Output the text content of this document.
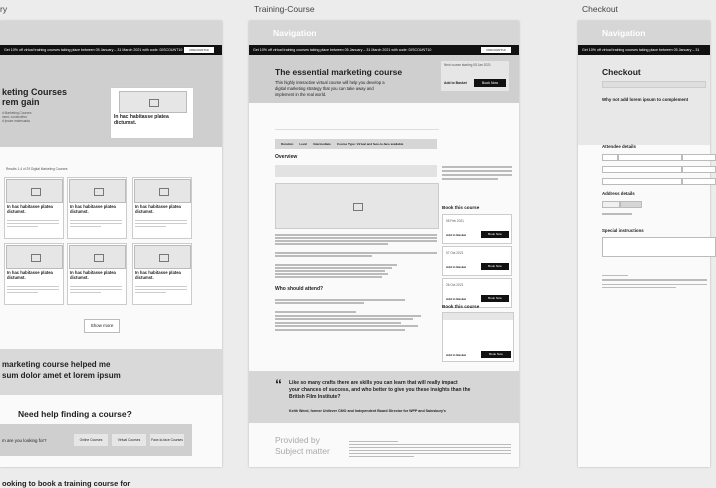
ry	Training-Course	Checkout
Get 10% off virtual training courses taking place between 05 January – 31 March 2021 with code: DISCOUNT10	DISCOUNT10
keting Courses
rem gain
d Marketing Courses
nsed, consectetur
d Ipsum malesuada
In hac habitasse platea
dictumst.
Results 1-4 of 29 Digital Marketing Courses
In hac habitasse platea dictumst.
In hac habitasse platea dictumst.
In hac habitasse platea dictumst.
In hac habitasse platea dictumst.
In hac habitasse platea dictumst.
In hac habitasse platea dictumst.
Show more
marketing course helped me
sum dolor amet et lorem ipsum
Need help finding a course?
m are you looking for?	Online Courses	Virtual Courses	Face-to-face Courses
ooking to book a training course for
Navigation
Get 10% off virtual training courses taking place between 05 January – 31 March 2021 with code: DISCOUNT10	DISCOUNT10
The essential marketing course
This highly interactive virtual course will help you develop a
digital marketing strategy that you can take away and
implement in the real world.
Next course starting 05 Jan 2021
Add to Basket	Book Now
Duration Level Intermediate Course Type: Virtual and face-to-face available
Overview
Who should attend?
Book this course
05 Feb 2021
Add to Basket	Book Now
07 Oct 2021
Add to Basket	Book Now
26 Oct 2021
Add to Basket	Book Now
Book this course
Book Now
Add to Basket
“ Like so many crafts there are skills you can learn that will really impact
your chances of success, and who better to give you these insights than the
British Film Institute?
Keith Weed, former Unilever CMO and Independent Board Director for WPP and Sainsbury's
Provided by
Subject matter
Navigation
Get 10% off virtual training courses taking place between 05 January – 31
Checkout
Why not add lorem ipsum to complement
Attendee details
Address details
Special instructions
